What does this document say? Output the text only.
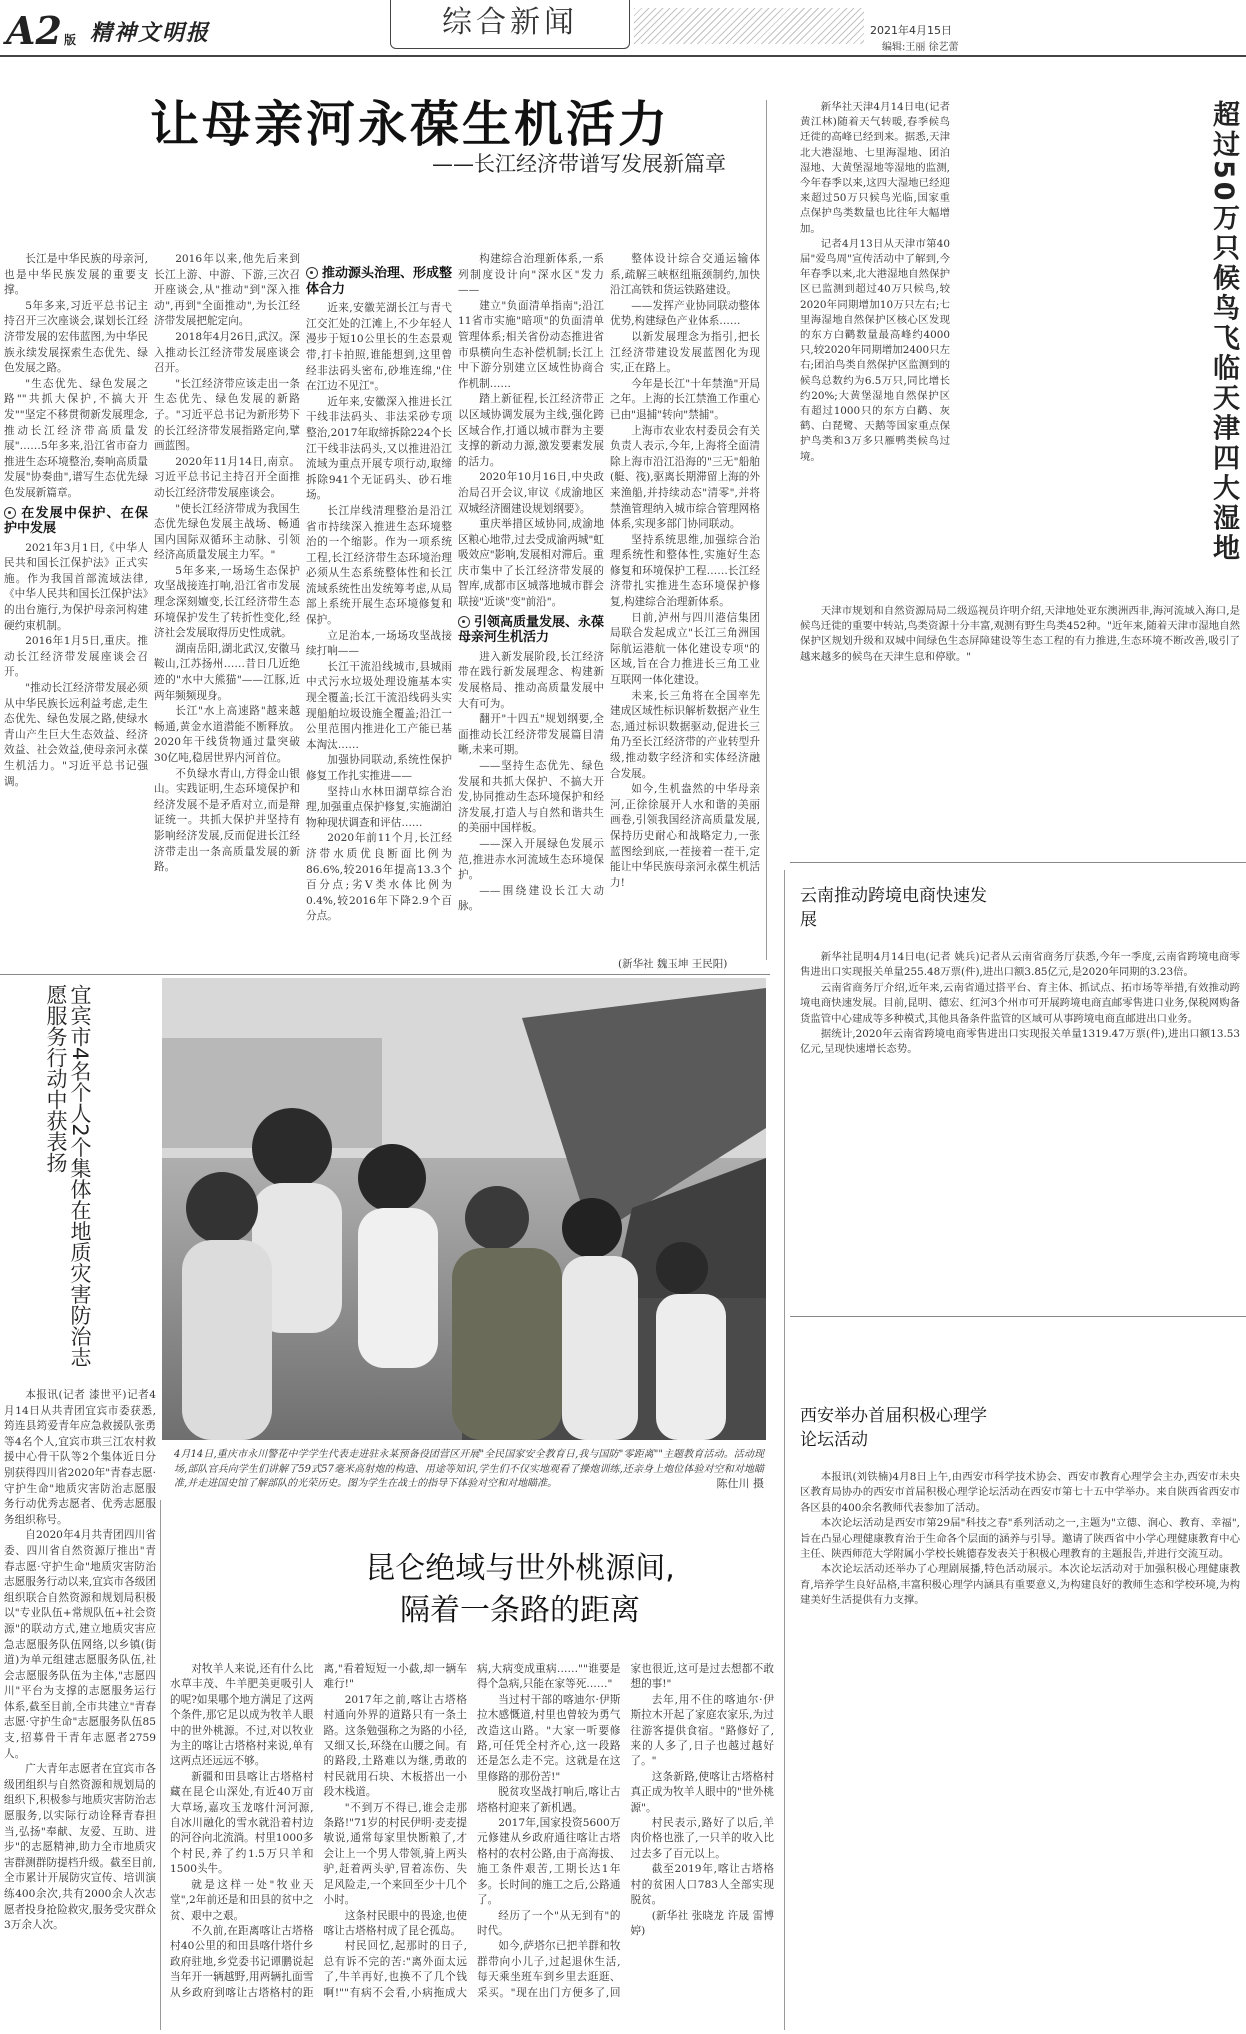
A2 版 精神文明报	综合新闻	2021年4月15日
编辑:王丽 徐艺蕾
让母亲河永葆生机活力
——长江经济带谱写发展新篇章

长江是中华民族的母亲河,也是中华民族发展的重要支撑。

5年多来,习近平总书记主持召开三次座谈会,谋划长江经济带发展的宏伟蓝图,为中华民族永续发展探索生态优先、绿色发展之路。

"生态优先、绿色发展之路""共抓大保护,不搞大开发""坚定不移贯彻新发展理念,推动长江经济带高质量发展"……5年多来,沿江省市奋力推进生态环境整治,奏响高质量发展"协奏曲",谱写生态优先绿色发展新篇章。

在发展中保护、在保护中发展

2021年3月1日,《中华人民共和国长江保护法》正式实施。作为我国首部流域法律,《中华人民共和国长江保护法》的出台施行,为保护母亲河构建硬约束机制。

2016年1月5日,重庆。推动长江经济带发展座谈会召开。

"推动长江经济带发展必须从中华民族长远利益考虑,走生态优先、绿色发展之路,使绿水青山产生巨大生态效益、经济效益、社会效益,使母亲河永葆生机活力。"习近平总书记强调。

2016年以来,他先后来到长江上游、中游、下游,三次召开座谈会,从"推动"到"深入推动",再到"全面推动",为长江经济带发展把舵定向。

2018年4月26日,武汉。深入推动长江经济带发展座谈会召开。

"长江经济带应该走出一条生态优先、绿色发展的新路子。"习近平总书记为新形势下的长江经济带发展指路定向,擘画蓝图。

2020年11月14日,南京。习近平总书记主持召开全面推动长江经济带发展座谈会。

"使长江经济带成为我国生态优先绿色发展主战场、畅通国内国际双循环主动脉、引领经济高质量发展主力军。"

5年多来,一场场生态保护攻坚战接连打响,沿江省市发展理念深刻嬗变,长江经济带生态环境保护发生了转折性变化,经济社会发展取得历史性成就。

湖南岳阳,湖北武汉,安徽马鞍山,江苏扬州……昔日几近绝迹的"水中大熊猫"——江豚,近两年频频现身。

长江"水上高速路"越来越畅通,黄金水道潜能不断释放。2020年干线货物通过量突破30亿吨,稳居世界内河首位。

不负绿水青山,方得金山银山。实践证明,生态环境保护和经济发展不是矛盾对立,而是辩证统一。共抓大保护并坚持有影响经济发展,反而促进长江经济带走出一条高质量发展的新路。

推动源头治理、形成整体合力

近来,安徽芜湖长江与青弋江交汇处的江滩上,不少年轻人漫步于短10公里长的生态景观带,打卡拍照,谁能想到,这里曾经非法码头密布,砂堆连绵,"住在江边不见江"。

近年来,安徽深入推进长江干线非法码头、非法采砂专项整治,2017年取缔拆除224个长江干线非法码头,又以推进沿江流域为重点开展专项行动,取缔拆除941个无证码头、砂石堆场。

长江岸线清理整治是沿江省市持续深入推进生态环境整治的一个缩影。作为一项系统工程,长江经济带生态环境治理必须从生态系统整体性和长江流域系统性出发统筹考虑,从局部上系统开展生态环境修复和保护。

立足治本,一场场攻坚战接续打响——

长江干流沿线城市,县城雨中式污水垃圾处理设施基本实现全覆盖;长江干流沿线码头实现船舶垃圾设施全覆盖;沿江一公里范围内推进化工产能已基本淘汰……

加强协同联动,系统性保护修复工作扎实推进——

坚持山水林田湖草综合治理,加强重点保护修复,实施湖泊物种现状调查和评估……

2020年前11个月,长江经济带水质优良断面比例为86.6%,较2016年提高13.3个百分点;劣V类水体比例为0.4%,较2016年下降2.9个百分点。

构建综合治理新体系,一系列制度设计向"深水区"发力——

建立"负面清单指南";沿江11省市实施"暗项"的负面清单管理体系;相关省份动态推进省市県横向生态补偿机制;长江上中下游分别建立区域性协商合作机制……

踏上新征程,长江经济带正以区域协调发展为主线,强化跨区域合作,打通以城市群为主要支撑的新动力源,激发要素发展的活力。

2020年10月16日,中央政治局召开会议,审议《成渝地区双城经济圈建设规划纲要》。

重庆举措区域协同,成渝地区粮心地带,过去受成渝两城"虹吸效应"影响,发展相对滞后。重庆市集中了长江经济带发展的智库,成都市区城落地城市群会联接"近谈"变"前沿"。

引领高质量发展、永葆母亲河生机活力

进入新发展阶段,长江经济带在践行新发展理念、构建新发展格局、推动高质量发展中大有可为。

翻开"十四五"规划纲要,全面推动长江经济带发展篇目清晰,未来可期。

——坚持生态优先、绿色发展和共抓大保护、不搞大开发,协同推动生态环境保护和经济发展,打造人与自然和谐共生的美丽中国样板。

——深入开展绿色发展示范,推进赤水河流域生态环境保护。

——围绕建设长江大动脉。

整体设计综合交通运输体系,疏解三峡枢纽瓶颈制约,加快沿江高铁和货运铁路建设。

——发挥产业协同联动整体优势,构建绿色产业体系……

以新发展理念为指引,把长江经济带建设发展蓝图化为现实,正在路上。

今年是长江"十年禁渔"开局之年。上海的长江禁渔工作重心已由"退捕"转向"禁捕"。

上海市农业农村委员会有关负责人表示,今年,上海将全面清除上海市沿江沿海的"三无"船舶(艇、筏),驱离长期滞留上海的外来渔船,并持续动态"清零",并将禁渔管理纳入城市综合管理网格体系,实现多部门协同联动。

坚持系统思维,加强综合治理系统性和整体性,实施好生态修复和环境保护工程……长江经济带扎实推进生态环境保护修复,构建综合治理新体系。

日前,泸州与四川港信集团局联合发起成立"长江三角洲国际航运港航一体化建设专项"的区域,旨在合力推进长三角工业互联网一体化建设。

未来,长三角将在全国率先建成区域性标识解析数据产业生态,通过标识数据驱动,促进长三角乃至长江经济带的产业转型升级,推动数字经济和实体经济融合发展。

如今,生机盎然的中华母亲河,正徐徐展开人水和谐的美丽画卷,引领我国经济高质量发展,保持历史耐心和战略定力,一张蓝图绘到底,一茬接着一茬干,定能让中华民族母亲河永葆生机活力!

(新华社 魏玉坤 王民阳)
超过50万只候鸟飞临天津四大湿地

新华社天津4月14日电(记者 黄江林)随着天气转暖,春季候鸟迁徙的高峰已经到来。据悉,天津北大港湿地、七里海湿地、团泊湿地、大黄堡湿地等湿地的监测,今年春季以来,这四大湿地已经迎来超过50万只候鸟光临,国家重点保护鸟类数量也比往年大幅增加。

记者4月13日从天津市第40届"爱鸟周"宣传活动中了解到,今年春季以来,北大港湿地自然保护区已监测到超过40万只候鸟,较2020年同期增加10万只左右;七里海湿地自然保护区核心区发现的东方白鹳数量最高峰约4000只,较2020年同期增加2400只左右;团泊鸟类自然保护区监测到的候鸟总数约为6.5万只,同比增长约20%;大黄堡湿地自然保护区有超过1000只的东方白鹳、灰鹤、白琵鹭、天鹅等国家重点保护鸟类和3万多只雁鸭类候鸟过境。

天津市规划和自然资源局局二级巡视员许明介绍,天津地处亚东澳洲西非,海河流域入海口,是候鸟迁徙的重要中转站,鸟类资源十分丰富,观测有野生鸟类452种。"近年来,随着天津市湿地自然保护区规划升级和双城中间绿色生态屏障建设等生态工程的有力推进,生态环境不断改善,吸引了越来越多的候鸟在天津生息和停歇。"

云南推动跨境电商快速发展

新华社昆明4月14日电(记者 姚兵)记者从云南省商务厅获悉,今年一季度,云南省跨境电商零售进出口实现报关单量255.48万票(件),进出口额3.85亿元,是2020年同期的3.23倍。

云南省商务厅介绍,近年来,云南省通过搭平台、育主体、抓试点、拓市场等举措,有效推动跨境电商快速发展。目前,昆明、德宏、红河3个州市可开展跨境电商直邮零售进口业务,保税网购备货监管中心建成等多种模式,其他具备条件监管的区域可从事跨境电商直邮进出口业务。

据统计,2020年云南省跨境电商零售进出口实现报关单量1319.47万票(件),进出口额13.53亿元,呈现快速增长态势。

西安举办首届积极心理学论坛活动

本报讯(刘铁楠)4月8日上午,由西安市科学技术协会、西安市教育心理学会主办,西安市未央区教育局协办的西安市首届积极心理学论坛活动在西安市第七十五中学举办。来自陕西省西安市各区县的400余名教师代表参加了活动。

本次论坛活动是西安市第29届"科技之春"系列活动之一,主题为"立德、润心、教育、幸福",旨在凸显心理健康教育治于生命各个层面的涵养与引导。邀请了陕西省中小学心理健康教育中心主任、陕西师范大学附属小学校长姚德春发表关于积极心理教育的主题报告,并进行交流互动。

本次论坛活动还举办了心理剧展播,特色活动展示。本次论坛活动对于加强积极心理健康教育,培养学生良好品格,丰富积极心理学内涵具有重要意义,为构建良好的教师生态和学校环境,为构建美好生活提供有力支撑。

4月14日,重庆市永川警花中学学生代表走进驻永某预备役团营区开展"全民国家安全教育日,我与国防"零距离""主题教育活动。活动现场,部队官兵向学生们讲解了59式57毫米高射炮的构造、用途等知识,学生们不仅实地观看了操炮训练,还亲身上炮位体验对空和对地瞄准,并走进国史馆了解部队的光荣历史。图为学生在战士的指导下体验对空和对地瞄准。	陈仕川 摄
宜宾市4名个人2个集体在地质灾害防治志愿服务行动中获表扬

本报讯(记者 漆世平)记者4月14日从共青团宜宾市委获悉,筠连县筠爱青年应急救援队张勇等4名个人,宜宾市珙三江农村救援中心骨干队等2个集体近日分别获得四川省2020年"青春志愿·守护生命"地质灾害防治志愿服务行动优秀志愿者、优秀志愿服务组织称号。

自2020年4月共青团四川省委、四川省自然资源厅推出"青春志愿·守护生命"地质灾害防治志愿服务行动以来,宜宾市各级团组织联合自然资源和规划局积极以"专业队伍+常规队伍+社会资源"的联动方式,建立地质灾害应急志愿服务队伍网络,以乡镇(街道)为单元组建志愿服务队伍,社会志愿服务队伍为主体,"志愿四川"平台为支撑的志愿服务运行体系,截至目前,全市共建立"青春志愿·守护生命"志愿服务队伍85支,招募骨干青年志愿者2759人。

广大青年志愿者在宜宾市各级团组织与自然资源和规划局的组织下,积极参与地质灾害防治志愿服务,以实际行动诠释青春担当,弘扬"奉献、友爱、互助、进步"的志愿精神,助力全市地质灾害群测群防提档升级。截至目前,全市累计开展防灾宣传、培训演练400余次,共有2000余人次志愿者投身抢险救灾,服务受灾群众3万余人次。

昆仑绝域与世外桃源间,
隔着一条路的距离

对牧羊人来说,还有什么比水草丰茂、牛羊肥美更吸引人的呢?如果哪个地方满足了这两个条件,那它足以成为牧羊人眼中的世外桃源。不过,对以牧业为主的喀让古塔格村来说,单有这两点还远远不够。

新疆和田县喀让古塔格村藏在昆仑山深处,有近40万亩大草场,嘉攻玉龙喀什河河源,自冰川融化的雪水就沿着村边的河谷向北流淌。村里1000多个村民,养了约1.5万只羊和1500头牛。

就是这样一处"牧业天堂",2年前还是和田县的贫中之贫、艰中之艰。

不久前,在距离喀让古塔格村40公里的和田县喀什塔什乡政府驻地,乡党委书记谭鹏说起当年开一辆越野,用两辆扎面雪从乡政府到喀让古塔格村的距离,"看着短短一小截,却一辆车难行!"

2017年之前,喀让古塔格村通向外界的道路只有一条土路。这条勉强称之为路的小径,又细又长,环绕在山腰之间。有的路段,土路难以为继,勇敢的村民就用石块、木板搭出一小段木栈道。

"不到万不得已,谁会走那条路!"71岁的村民伊明·麦麦提敏说,通常每家里快断粮了,才会让上一个男人带领,骑上两头驴,赶着两头驴,冒着冻伤、失足风险走,一个来回至少十几个小时。

这条村民眼中的畏途,也使喀让古塔格村成了昆仑孤岛。

村民回忆,起那时的日子,总有诉不完的苦:"离外面太远了,牛羊再好,也换不了几个钱啊!""有病不会看,小病拖成大病,大病变成重病……""谁要是得个急病,只能在家等死……"

当过村干部的喀迪尔·伊斯拉木感慨道,村里也曾较为勇气改造这山路。"大家一听要修路,可任凭全村齐心,这一段路还是怎么走不完。这就是在这里修路的那份苦!"

脱贫攻坚战打响后,喀让古塔格村迎来了新机遇。

2017年,国家投资5600万元修建从乡政府通往喀让古塔格村的农村公路,由于高海拔、施工条件艰苦,工期长达1年多。长时间的施工之后,公路通了。

经历了一个"从无到有"的时代。

如今,萨塔尔已把羊群和牧群带向小儿子,过起退休生活,每天乘坐班车到乡里去逛逛、采买。"现在出门方便多了,回家也很近,这可是过去想都不敢想的事!"

去年,用不住的喀迪尔·伊斯拉木开起了家庭农家乐,为过往游客提供食宿。"路修好了,来的人多了,日子也越过越好了。"

这条新路,使喀让古塔格村真正成为牧羊人眼中的"世外桃源"。

村民表示,路好了以后,羊肉价格也涨了,一只羊的收入比过去多了百元以上。

截至2019年,喀让古塔格村的贫困人口783人全部实现脱贫。

(新华社 张晓龙 许晟 雷博婷)
